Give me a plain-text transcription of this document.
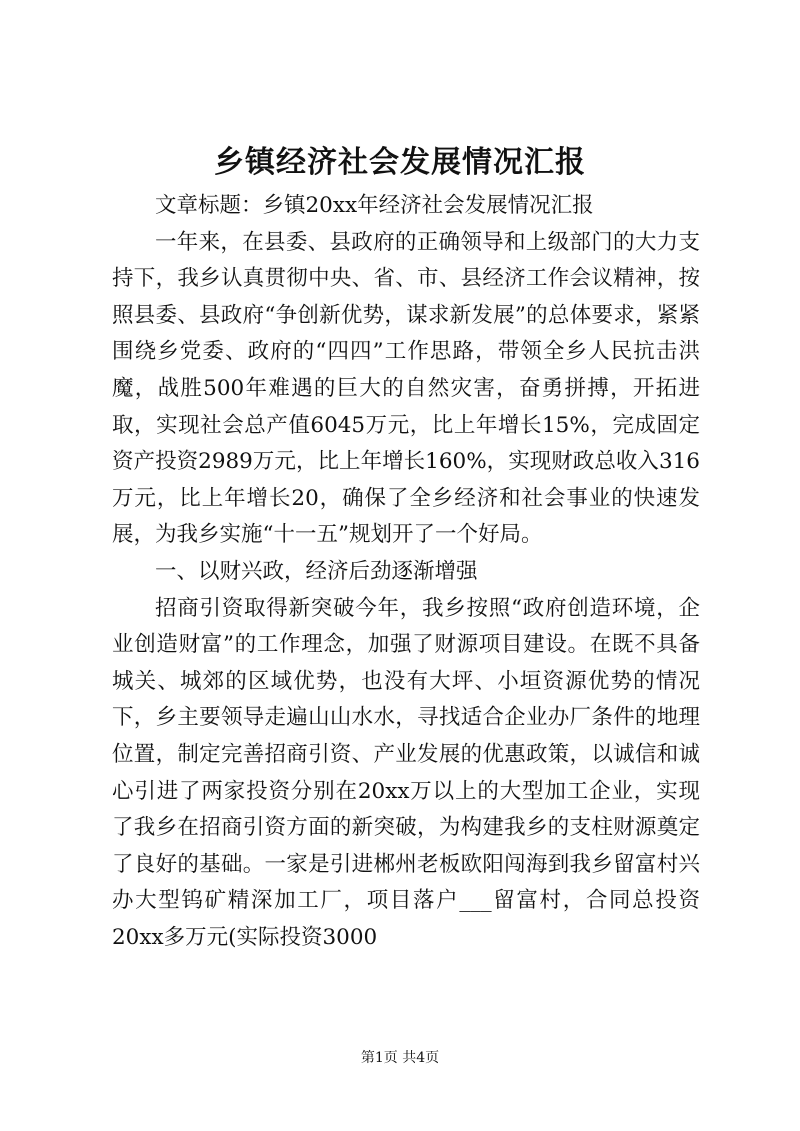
乡镇经济社会发展情况汇报

文章标题：乡镇20xx年经济社会发展情况汇报

一年来，在县委、县政府的正确领导和上级部门的大力支持下，我乡认真贯彻中央、省、市、县经济工作会议精神，按照县委、县政府“争创新优势，谋求新发展”的总体要求，紧紧围绕乡党委、政府的“四四”工作思路，带领全乡人民抗击洪魔，战胜500年难遇的巨大的自然灾害，奋勇拼搏，开拓进取，实现社会总产值6045万元，比上年增长15%，完成固定资产投资2989万元，比上年增长160%，实现财政总收入316万元，比上年增长20，确保了全乡经济和社会事业的快速发展，为我乡实施“十一五”规划开了一个好局。

一、以财兴政，经济后劲逐渐增强

招商引资取得新突破今年，我乡按照“政府创造环境，企业创造财富”的工作理念，加强了财源项目建设。在既不具备城关、城郊的区域优势，也没有大坪、小垣资源优势的情况下，乡主要领导走遍山山水水，寻找适合企业办厂条件的地理位置，制定完善招商引资、产业发展的优惠政策，以诚信和诚心引进了两家投资分别在20xx万以上的大型加工企业，实现了我乡在招商引资方面的新突破，为构建我乡的支柱财源奠定了良好的基础。一家是引进郴州老板欧阳闯海到我乡留富村兴办大型钨矿精深加工厂，项目落户___留富村，合同总投资20xx多万元(实际投资3000

第1页 共4页
